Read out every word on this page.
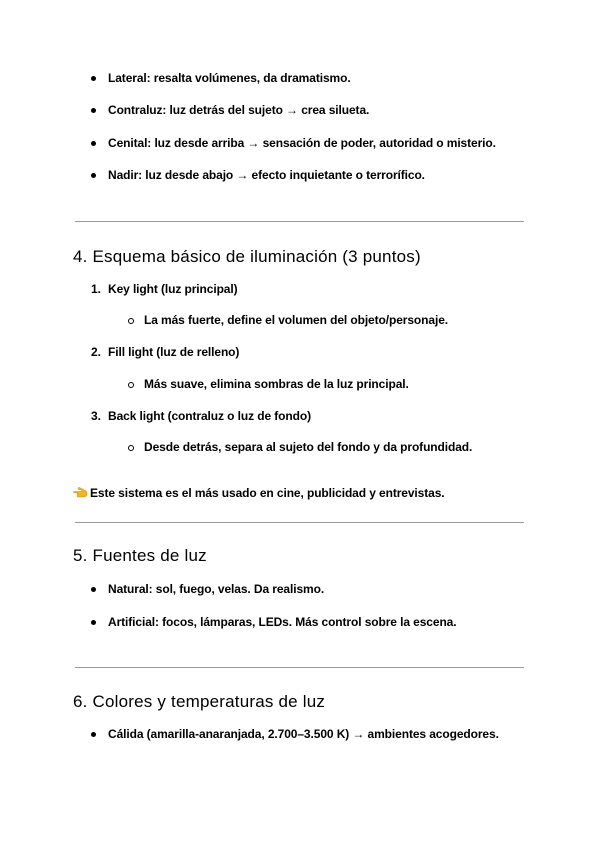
Lateral: resalta volúmenes, da dramatismo.
Contraluz: luz detrás del sujeto → crea silueta.
Cenital: luz desde arriba → sensación de poder, autoridad o misterio.
Nadir: luz desde abajo → efecto inquietante o terrorífico.
4. Esquema básico de iluminación (3 puntos)
1. Key light (luz principal)
La más fuerte, define el volumen del objeto/personaje.
2. Fill light (luz de relleno)
Más suave, elimina sombras de la luz principal.
3. Back light (contraluz o luz de fondo)
Desde detrás, separa al sujeto del fondo y da profundidad.
Este sistema es el más usado en cine, publicidad y entrevistas.
5. Fuentes de luz
Natural: sol, fuego, velas. Da realismo.
Artificial: focos, lámparas, LEDs. Más control sobre la escena.
6. Colores y temperaturas de luz
Cálida (amarilla-anaranjada, 2.700–3.500 K) → ambientes acogedores.
